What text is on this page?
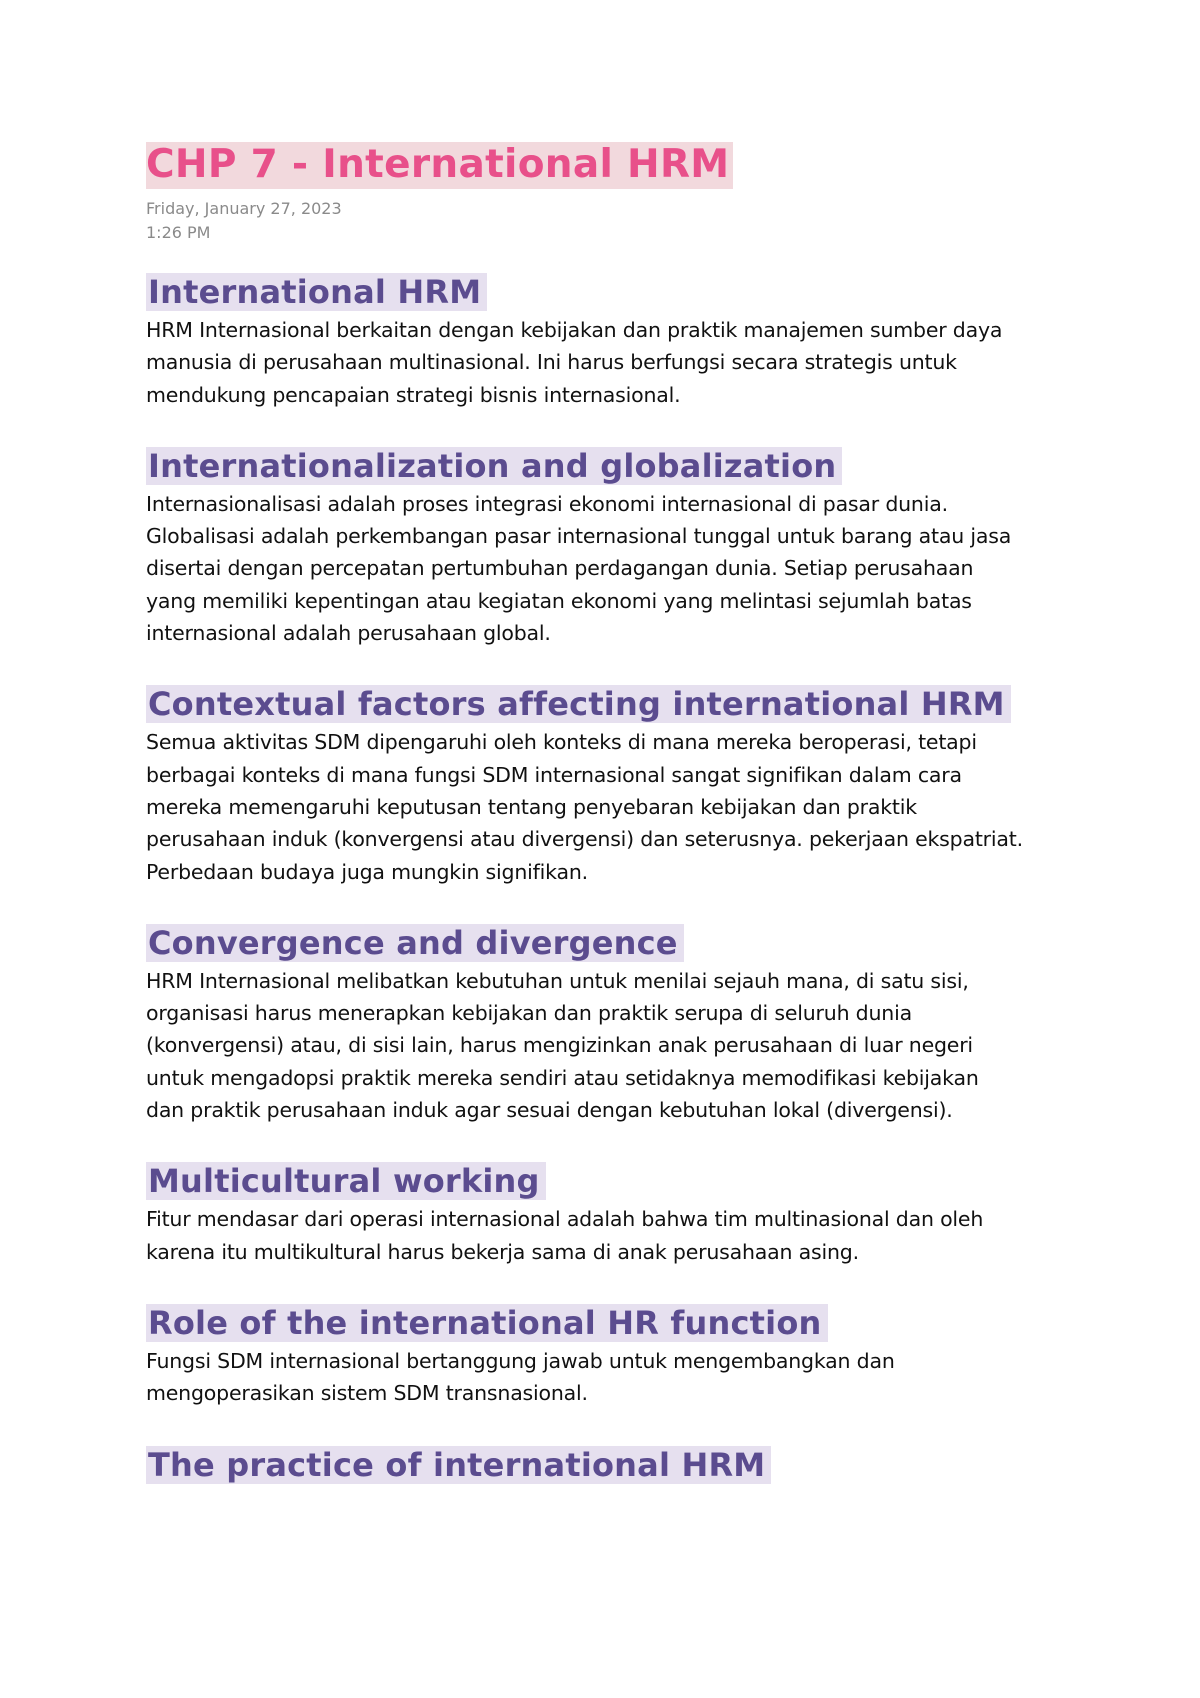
CHP 7 - International HRM
Friday, January 27, 2023
1:26 PM
International HRM
HRM Internasional berkaitan dengan kebijakan dan praktik manajemen sumber daya
manusia di perusahaan multinasional. Ini harus berfungsi secara strategis untuk
mendukung pencapaian strategi bisnis internasional.
Internationalization and globalization
Internasionalisasi adalah proses integrasi ekonomi internasional di pasar dunia.
Globalisasi adalah perkembangan pasar internasional tunggal untuk barang atau jasa
disertai dengan percepatan pertumbuhan perdagangan dunia. Setiap perusahaan
yang memiliki kepentingan atau kegiatan ekonomi yang melintasi sejumlah batas
internasional adalah perusahaan global.
Contextual factors affecting international HRM
Semua aktivitas SDM dipengaruhi oleh konteks di mana mereka beroperasi, tetapi
berbagai konteks di mana fungsi SDM internasional sangat signifikan dalam cara
mereka memengaruhi keputusan tentang penyebaran kebijakan dan praktik
perusahaan induk (konvergensi atau divergensi) dan seterusnya. pekerjaan ekspatriat.
Perbedaan budaya juga mungkin signifikan.
Convergence and divergence
HRM Internasional melibatkan kebutuhan untuk menilai sejauh mana, di satu sisi,
organisasi harus menerapkan kebijakan dan praktik serupa di seluruh dunia
(konvergensi) atau, di sisi lain, harus mengizinkan anak perusahaan di luar negeri
untuk mengadopsi praktik mereka sendiri atau setidaknya memodifikasi kebijakan
dan praktik perusahaan induk agar sesuai dengan kebutuhan lokal (divergensi).
Multicultural working
Fitur mendasar dari operasi internasional adalah bahwa tim multinasional dan oleh
karena itu multikultural harus bekerja sama di anak perusahaan asing.
Role of the international HR function
Fungsi SDM internasional bertanggung jawab untuk mengembangkan dan
mengoperasikan sistem SDM transnasional.
The practice of international HRM
